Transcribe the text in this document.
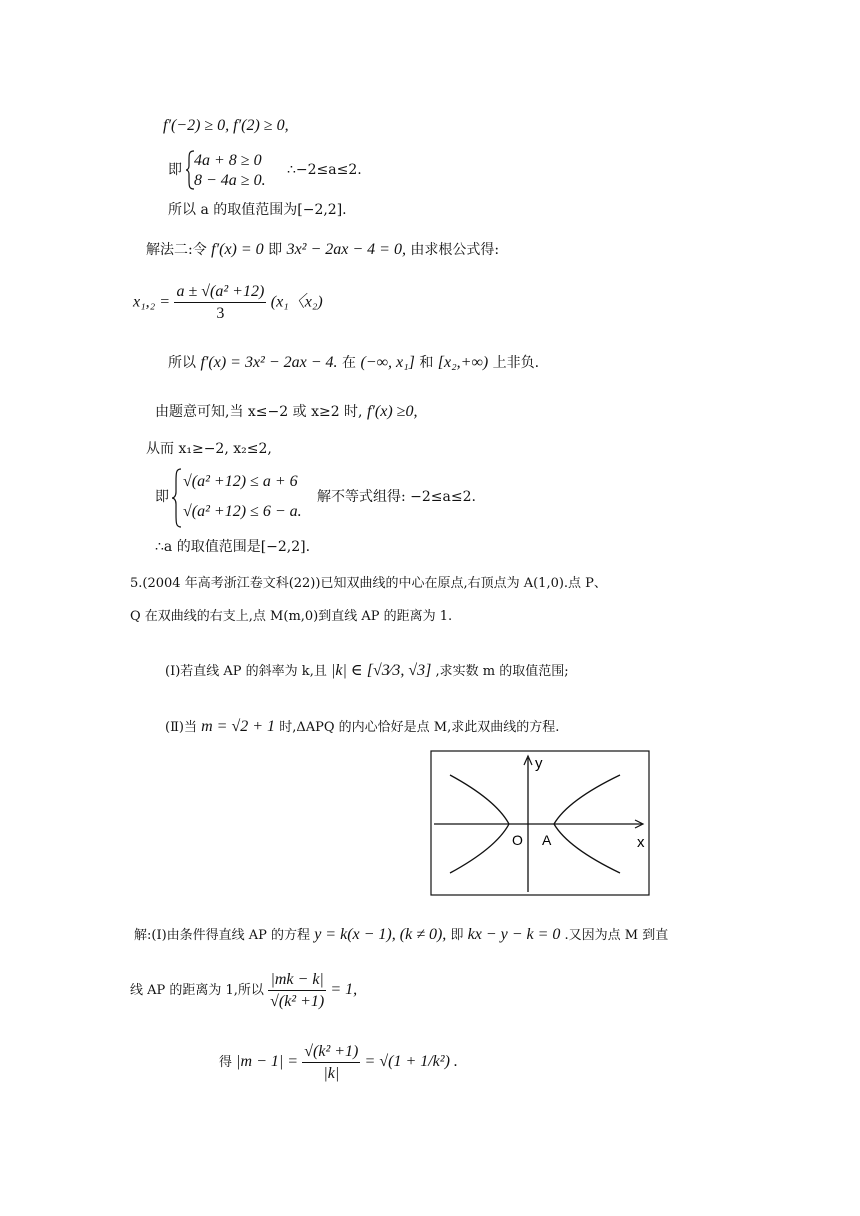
f′(−2) ≥ 0, f′(2) ≥ 0,
即
4a + 8 ≥ 0
8 − 4a ≥ 0.
∴−2≤a≤2.
所以 a 的取值范围为[−2,2].
解法二:令 f′(x) = 0 即 3x² − 2ax − 4 = 0, 由求根公式得:
$x_1,_2 = \frac{\text{a ± √(a² +12)}}{3} (x_1$〈x₂)
所以 f′(x) = 3x² − 2ax − 4. 在 (−∞, x₁] 和 [x₂,+∞) 上非负.
由题意可知,当 x≤−2 或 x≥2 时, f′(x) ≥0,
从而 x₁≥−2, x₂≤2,
即
√(a² +12) ≤ a + 6
√(a² +12) ≤ 6 − a.
解不等式组得: −2≤a≤2.
∴a 的取值范围是[−2,2].
5.(2004 年高考浙江卷文科(22))已知双曲线的中心在原点,右顶点为 A(1,0).点 P、
Q 在双曲线的右支上,点 M(m,0)到直线 AP 的距离为 1.
(Ⅰ)若直线 AP 的斜率为 k,且 |k| ∈ [√3⁄3, √3] ,求实数 m 的取值范围;
(Ⅱ)当 m = √2 + 1 时,ΔAPQ 的内心恰好是点 M,求此双曲线的方程.
y
x
O A
解:(Ⅰ)由条件得直线 AP 的方程 y = k(x − 1), (k ≠ 0), 即 kx − y − k = 0 .又因为点 M 到直
线 AP 的距离为 1,所以 $\frac{|mk - k|}{\text{√(k² +1)}} = 1$,
得 $|m - 1| = \frac{\text{√(k² +1)}}{|k|} = √(1 + 1/k^2)$ .
